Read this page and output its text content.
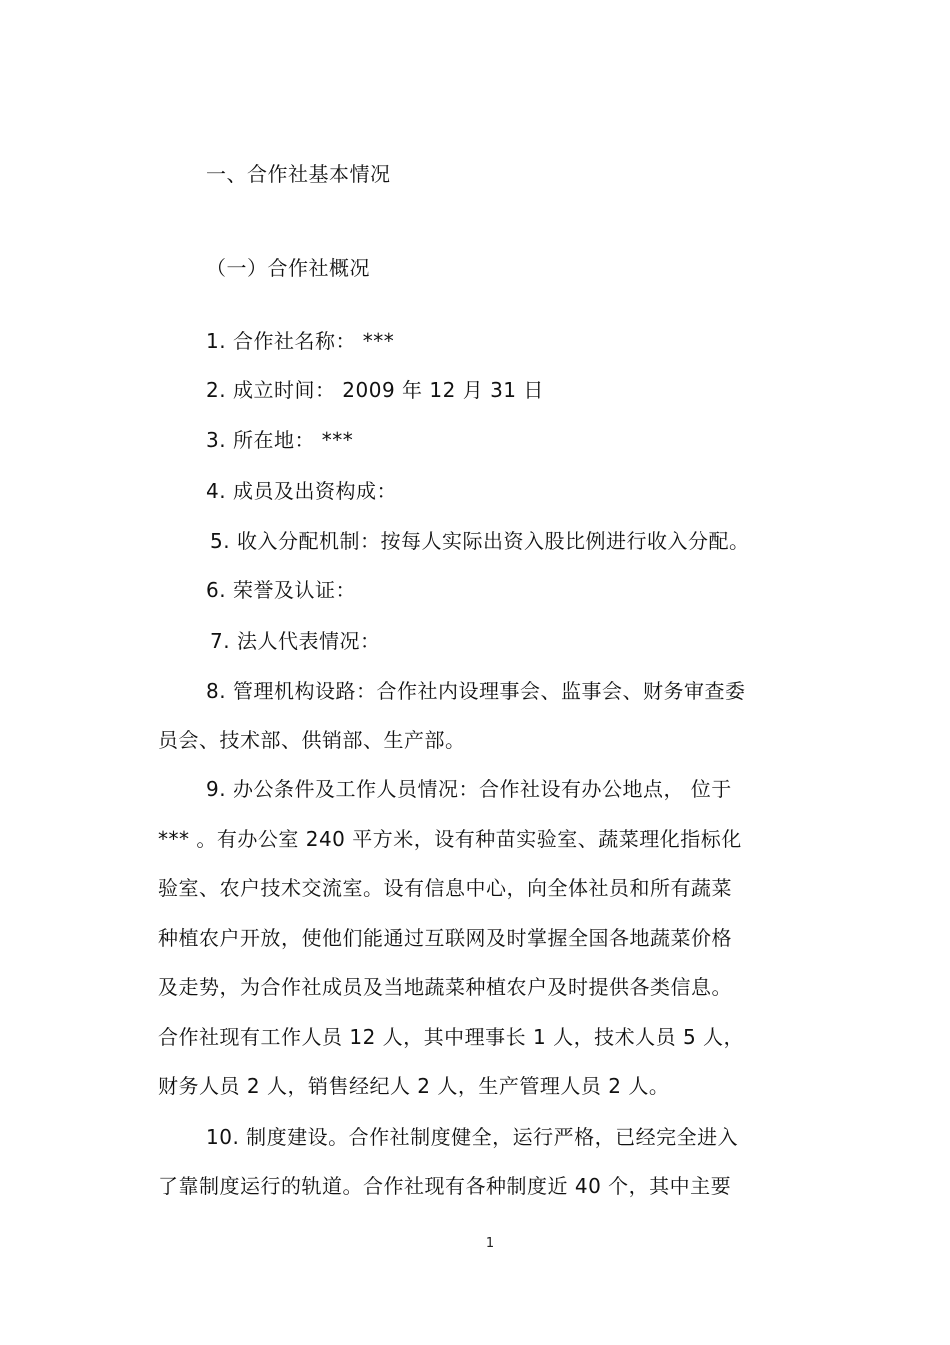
一、合作社基本情况
（一）合作社概况
1. 合作社名称： ***
2. 成立时间： 2009 年 12 月 31 日
3. 所在地： ***
4. 成员及出资构成：
5. 收入分配机制：按每人实际出资入股比例进行收入分配。
6. 荣誉及认证：
7. 法人代表情况：
8. 管理机构设路：合作社内设理事会、监事会、财务审查委
员会、技术部、供销部、生产部。
9. 办公条件及工作人员情况：合作社设有办公地点， 位于
*** 。有办公室 240 平方米，设有种苗实验室、蔬菜理化指标化
验室、农户技术交流室。设有信息中心，向全体社员和所有蔬菜
种植农户开放，使他们能通过互联网及时掌握全国各地蔬菜价格
及走势，为合作社成员及当地蔬菜种植农户及时提供各类信息。
合作社现有工作人员 12 人，其中理事长 1 人，技术人员 5 人，
财务人员 2 人，销售经纪人 2 人，生产管理人员 2 人。
10. 制度建设。合作社制度健全，运行严格，已经完全进入
了靠制度运行的轨道。合作社现有各种制度近 40 个，其中主要
1
